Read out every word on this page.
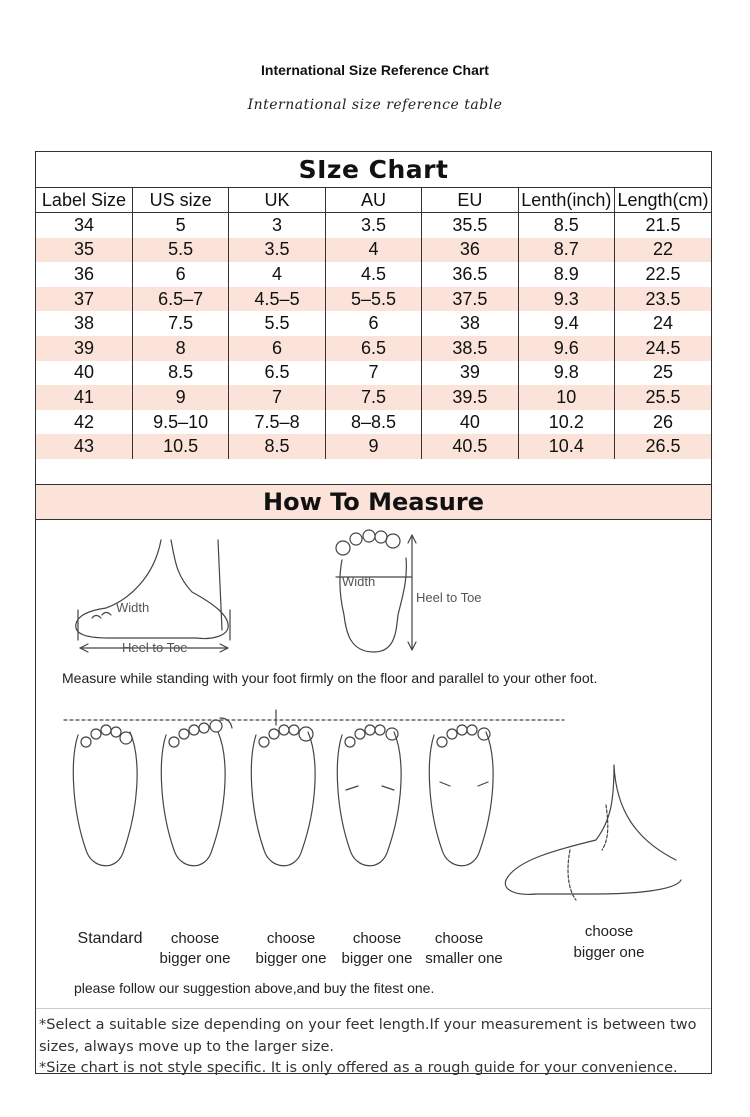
International Size Reference Chart
International size reference table
SIze Chart
Label Size	US size	UK	AU	EU	Lenth(inch)	Length(cm)
34	5	3	3.5	35.5	8.5	21.5
35	5.5	3.5	4	36	8.7	22
36	6	4	4.5	36.5	8.9	22.5
37	6.5–7	4.5–5	5–5.5	37.5	9.3	23.5
38	7.5	5.5	6	38	9.4	24
39	8	6	6.5	38.5	9.6	24.5
40	8.5	6.5	7	39	9.8	25
41	9	7	7.5	39.5	10	25.5
42	9.5–10	7.5–8	8–8.5	40	10.2	26
43	10.5	8.5	9	40.5	10.4	26.5
How To Measure
Width
Heel to Toe
Width
Heel to Toe
Measure while standing with your foot firmly on the floor and parallel to your other foot.
Standard	choose
bigger one
choose
bigger one
choose
bigger one
choose
smaller one
choose
bigger one
please follow our suggestion above,and buy the fitest one.
*Select a suitable size depending on your feet length.If your measurement is between two sizes, always move up to the larger size.
*Size chart is not style specific. It is only offered as a rough guide for your convenience.
